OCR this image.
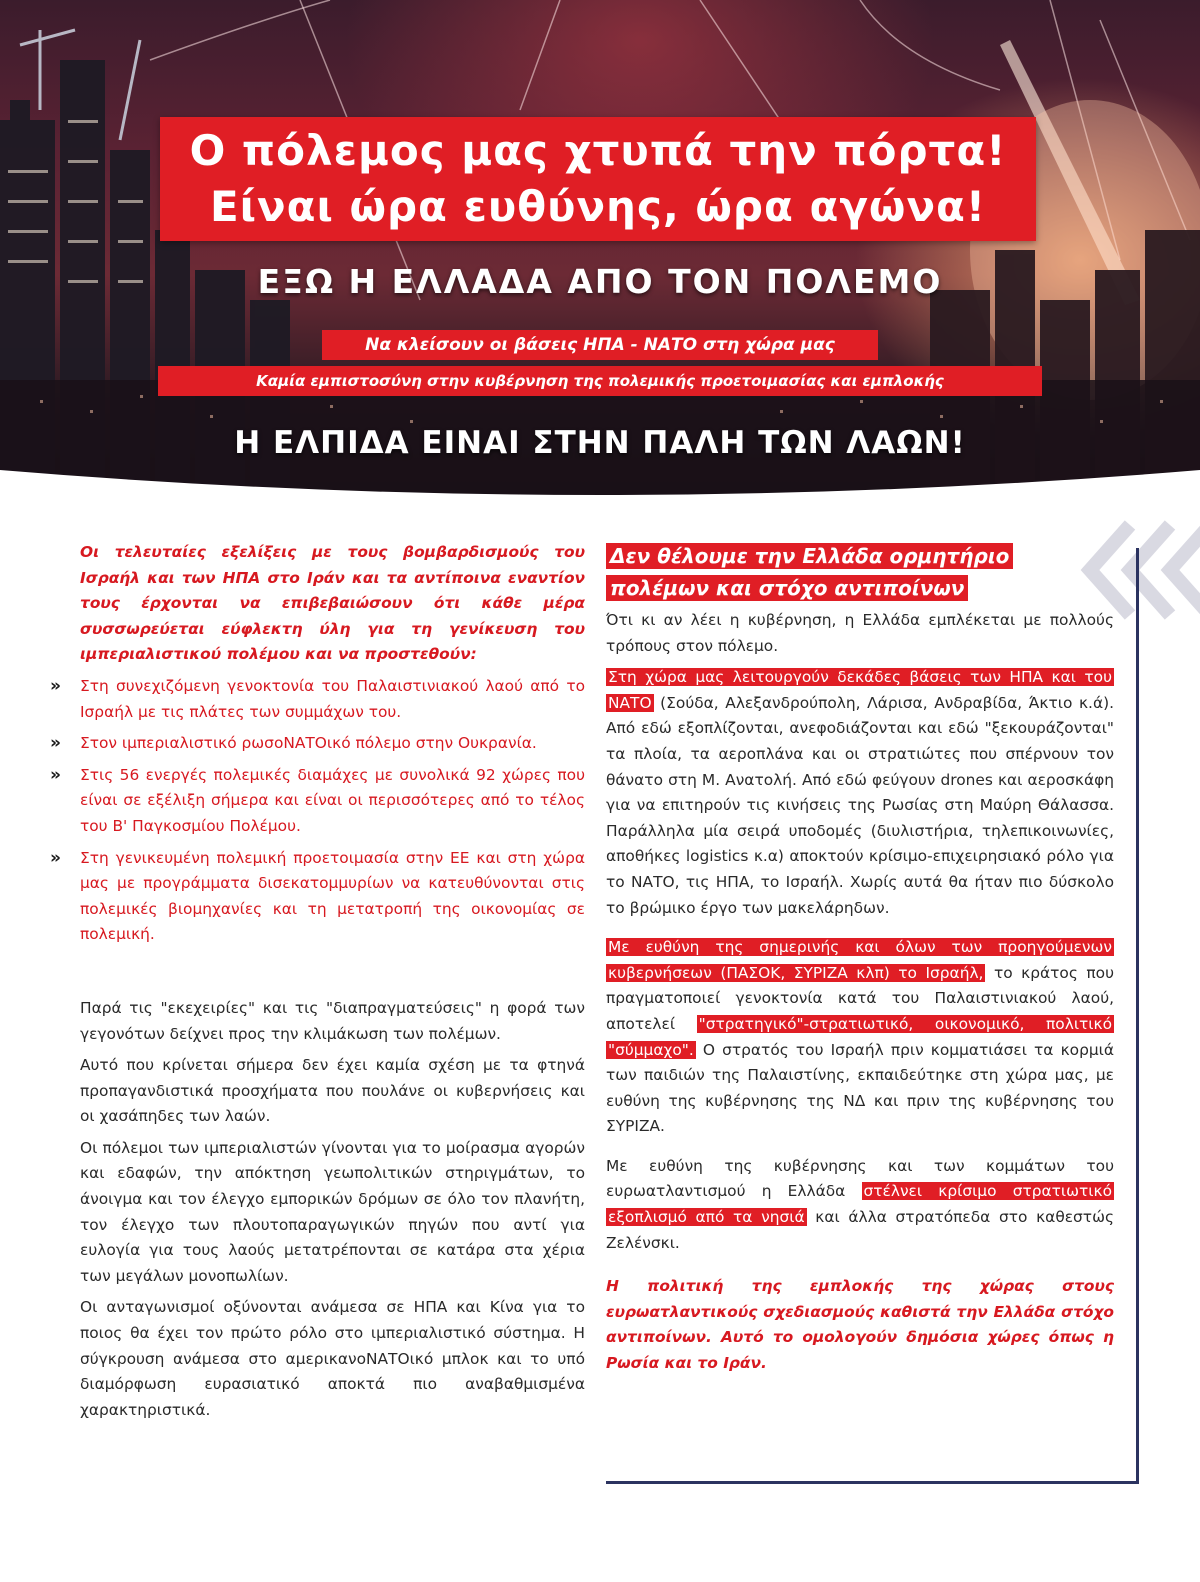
Ο πόλεμος μας χτυπά την πόρτα!
Είναι ώρα ευθύνης, ώρα αγώνα!
ΕΞΩ Η ΕΛΛΑΔΑ ΑΠΟ ΤΟΝ ΠΟΛΕΜΟ
Να κλείσουν οι βάσεις ΗΠΑ - ΝΑΤΟ στη χώρα μας
Καμία εμπιστοσύνη στην κυβέρνηση της πολεμικής προετοιμασίας και εμπλοκής
Η ΕΛΠΙΔΑ ΕΙΝΑΙ ΣΤΗΝ ΠΑΛΗ ΤΩΝ ΛΑΩΝ!

Οι τελευταίες εξελίξεις με τους βομβαρδισμούς του Ισραήλ και των ΗΠΑ στο Ιράν και τα αντίποινα εναντίον τους έρχονται να επιβεβαιώσουν ότι κάθε μέρα συσσωρεύεται εύφλεκτη ύλη για τη γενίκευση του ιμπεριαλιστικού πολέμου και να προστεθούν:

» Στη συνεχιζόμενη γενοκτονία του Παλαιστινιακού λαού από το Ισραήλ με τις πλάτες των συμμάχων του.
» Στον ιμπεριαλιστικό ρωσοΝΑΤΟικό πόλεμο στην Ουκρανία.
» Στις 56 ενεργές πολεμικές διαμάχες με συνολικά 92 χώρες που είναι σε εξέλιξη σήμερα και είναι οι περισσότερες από το τέλος του Β' Παγκοσμίου Πολέμου.
» Στη γενικευμένη πολεμική προετοιμασία στην ΕΕ και στη χώρα μας με προγράμματα δισεκατομμυρίων να κατευθύνονται στις πολεμικές βιομηχανίες και τη μετατροπή της οικονομίας σε πολεμική.

Παρά τις "εκεχειρίες" και τις "διαπραγματεύσεις" η φορά των γεγονότων δείχνει προς την κλιμάκωση των πολέμων.

Αυτό που κρίνεται σήμερα δεν έχει καμία σχέση με τα φτηνά προπαγανδιστικά προσχήματα που πουλάνε οι κυβερνήσεις και οι χασάπηδες των λαών.

Οι πόλεμοι των ιμπεριαλιστών γίνονται για το μοίρασμα αγορών και εδαφών, την απόκτηση γεωπολιτικών στηριγμάτων, το άνοιγμα και τον έλεγχο εμπορικών δρόμων σε όλο τον πλανήτη, τον έλεγχο των πλουτοπαραγωγικών πηγών που αντί για ευλογία για τους λαούς μετατρέπονται σε κατάρα στα χέρια των μεγάλων μονοπωλίων.

Οι ανταγωνισμοί οξύνονται ανάμεσα σε ΗΠΑ και Κίνα για το ποιος θα έχει τον πρώτο ρόλο στο ιμπεριαλιστικό σύστημα. Η σύγκρουση ανάμεσα στο αμερικανοΝΑΤΟικό μπλοκ και το υπό διαμόρφωση ευρασιατικό αποκτά πιο αναβαθμισμένα χαρακτηριστικά.

Δεν θέλουμε την Ελλάδα ορμητήριο πολέμων και στόχο αντιποίνων

Ότι κι αν λέει η κυβέρνηση, η Ελλάδα εμπλέκεται με πολλούς τρόπους στον πόλεμο.

Στη χώρα μας λειτουργούν δεκάδες βάσεις των ΗΠΑ και του ΝΑΤΟ (Σούδα, Αλεξανδρούπολη, Λάρισα, Ανδραβίδα, Άκτιο κ.ά). Από εδώ εξοπλίζονται, ανεφοδιάζονται και εδώ "ξεκουράζονται" τα πλοία, τα αεροπλάνα και οι στρατιώτες που σπέρνουν τον θάνατο στη Μ. Ανατολή. Από εδώ φεύγουν drones και αεροσκάφη για να επιτηρούν τις κινήσεις της Ρωσίας στη Μαύρη Θάλασσα. Παράλληλα μία σειρά υποδομές (διυλιστήρια, τηλεπικοινωνίες, αποθήκες logistics κ.α) αποκτούν κρίσιμο-επιχειρησιακό ρόλο για το ΝΑΤΟ, τις ΗΠΑ, το Ισραήλ. Χωρίς αυτά θα ήταν πιο δύσκολο το βρώμικο έργο των μακελάρηδων.

Με ευθύνη της σημερινής και όλων των προηγούμενων κυβερνήσεων (ΠΑΣΟΚ, ΣΥΡΙΖΑ κλπ) το Ισραήλ, το κράτος που πραγματοποιεί γενοκτονία κατά του Παλαιστινιακού λαού, αποτελεί "στρατηγικό"-στρατιωτικό, οικονομικό, πολιτικό "σύμμαχο". Ο στρατός του Ισραήλ πριν κομματιάσει τα κορμιά των παιδιών της Παλαιστίνης, εκπαιδεύτηκε στη χώρα μας, με ευθύνη της κυβέρνησης της ΝΔ και πριν της κυβέρνησης του ΣΥΡΙΖΑ.

Με ευθύνη της κυβέρνησης και των κομμάτων του ευρωατλαντισμού η Ελλάδα στέλνει κρίσιμο στρατιωτικό εξοπλισμό από τα νησιά και άλλα στρατόπεδα στο καθεστώς Ζελένσκι.

Η πολιτική της εμπλοκής της χώρας στους ευρωατλαντικούς σχεδιασμούς καθιστά την Ελλάδα στόχο αντιποίνων. Αυτό το ομολογούν δημόσια χώρες όπως η Ρωσία και το Ιράν.
